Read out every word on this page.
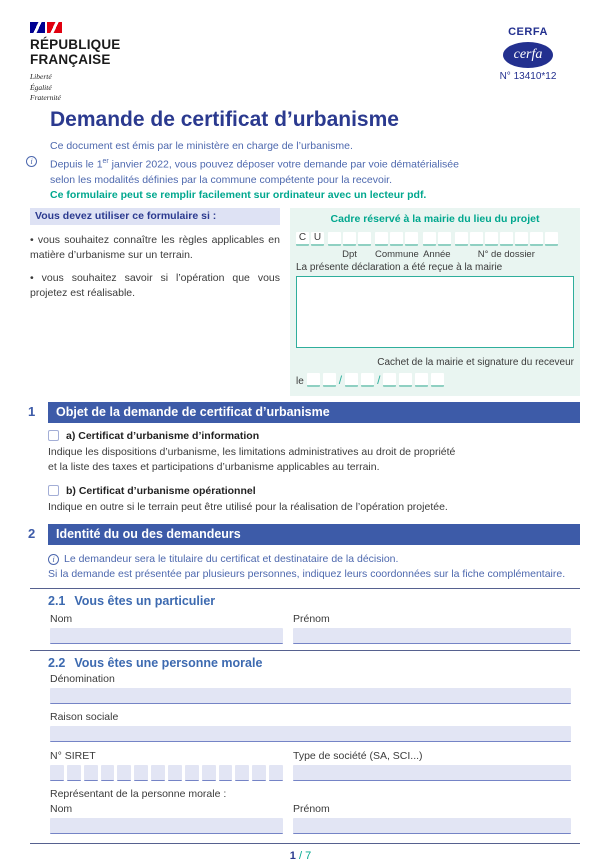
RÉPUBLIQUE
FRANÇAISE
Liberté
Égalité
Fraternité
CERFA
cerfa
N° 13410*12
Demande de certificat d’urbanisme
i
Ce document est émis par le ministère en charge de l’urbanisme.
Depuis le 1er janvier 2022, vous pouvez déposer votre demande par voie dématérialisée
selon les modalités définies par la commune compétente pour la recevoir.
Ce formulaire peut se remplir facilement sur ordinateur avec un lecteur pdf.
Vous devez utiliser ce formulaire si :
• vous souhaitez connaître les règles applicables en matière d’urbanisme sur un terrain.
• vous souhaitez savoir si l’opération que vous projetez est réalisable.
Cadre réservé à la mairie du lieu du projet
C U
Dpt	Commune Année	N° de dossier
La présente déclaration a été reçue à la mairie
Cachet de la mairie et signature du receveur
le	/	/
1	Objet de la demande de certificat d’urbanisme
a) Certificat d’urbanisme d’information
Indique les dispositions d’urbanisme, les limitations administratives au droit de propriété
et la liste des taxes et participations d’urbanisme applicables au terrain.
b) Certificat d’urbanisme opérationnel
Indique en outre si le terrain peut être utilisé pour la réalisation de l’opération projetée.
2	Identité du ou des demandeurs
i Le demandeur sera le titulaire du certificat et destinataire de la décision.
Si la demande est présentée par plusieurs personnes, indiquez leurs coordonnées sur la fiche complémentaire.
2.1 Vous êtes un particulier
Nom	Prénom
2.2 Vous êtes une personne morale
Dénomination
Raison sociale
N° SIRET	Type de société (SA, SCI...)
Représentant de la personne morale :
Nom	Prénom
1 / 7
